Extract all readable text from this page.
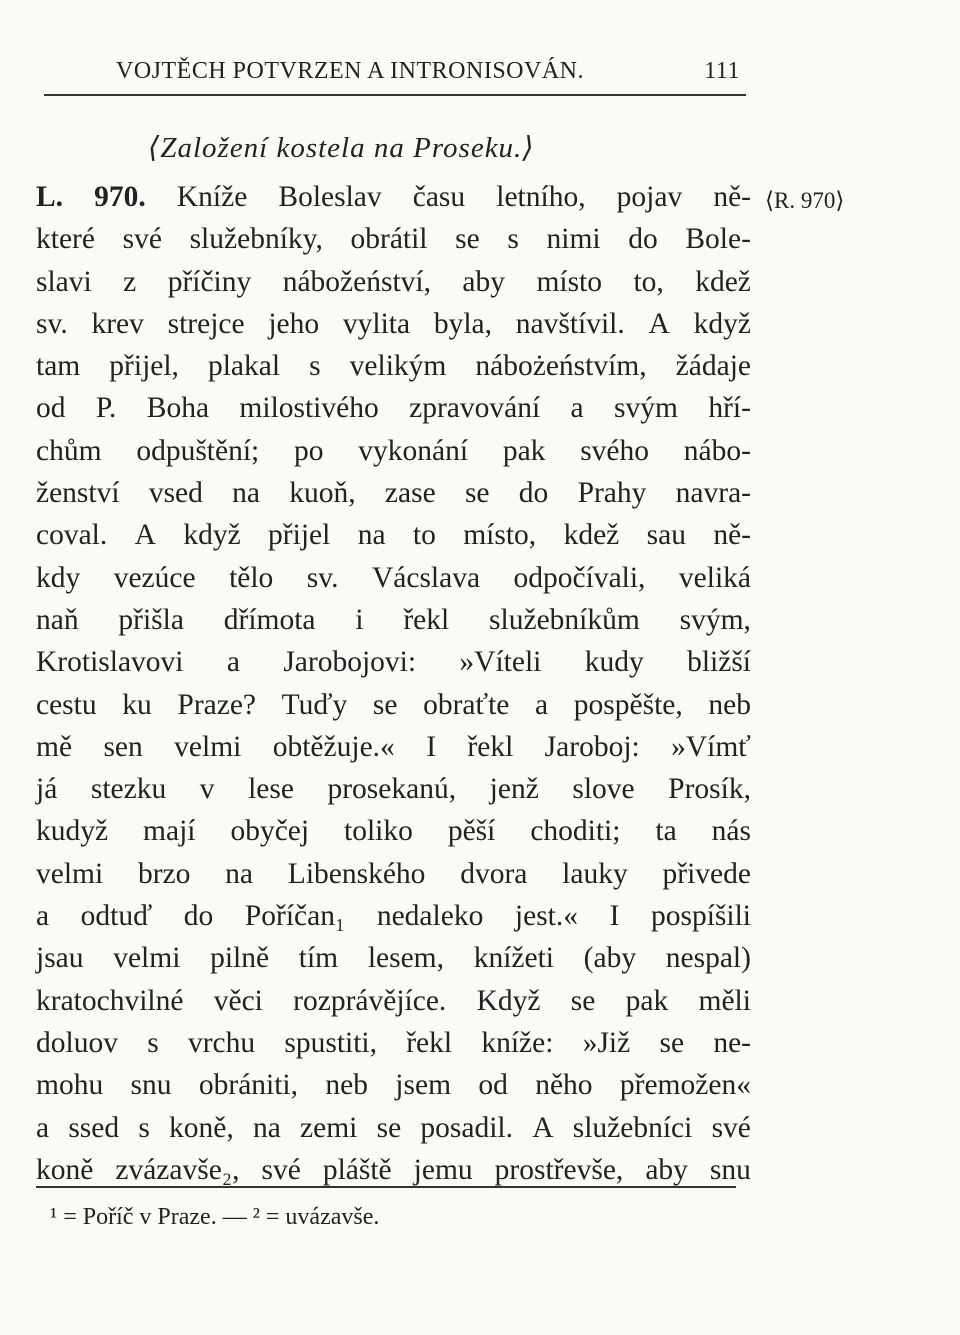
VOJTĚCH POTVRZEN A INTRONISOVÁN.	111
⟨Založení kostela na Proseku.⟩
⟨R. 970⟩
L. 970. Kníže Boleslav času letního, pojav ně-
které své služebníky, obrátil se s nimi do Bole-
slavi z příčiny nábožeńství, aby místo to, kdež
sv. krev strejce jeho vylita byla, navštívil. A když
tam přijel, plakal s velikým nábożeństvím, žádaje
od P. Boha milostivého zpravování a svým hří-
chům odpuštění; po vykonání pak svého nábo-
ženství vsed na kuoň, zase se do Prahy navra-
coval. A když přijel na to místo, kdež sau ně-
kdy vezúce tělo sv. Vácslava odpočívali, veliká
naň přišla dřímota i řekl služebníkům svým,
Krotislavovi a Jarobojovi: »Víteli kudy bližší
cestu ku Praze? Tuďy se obraťte a pospěšte, neb
mě sen velmi obtěžuje.« I řekl Jaroboj: »Vímť
já stezku v lese prosekanú, jenž slove Prosík,
kudyž mají obyčej toliko pěší choditi; ta nás
velmi brzo na Libenského dvora lauky přivede
a odtuď do Poříčan₁ nedaleko jest.« I pospíšili
jsau velmi pilně tím lesem, knížeti (aby nespal)
kratochvilné věci rozprávějíce. Když se pak měli
doluov s vrchu spustiti, řekl kníže: »Již se ne-
mohu snu obrániti, neb jsem od něho přemožen«
a ssed s koně, na zemi se posadil. A služebníci své
koně zvázavše₂, své pláště jemu prostřevše, aby snu
¹ = Poříč v Praze. — ² = uvázavše.
